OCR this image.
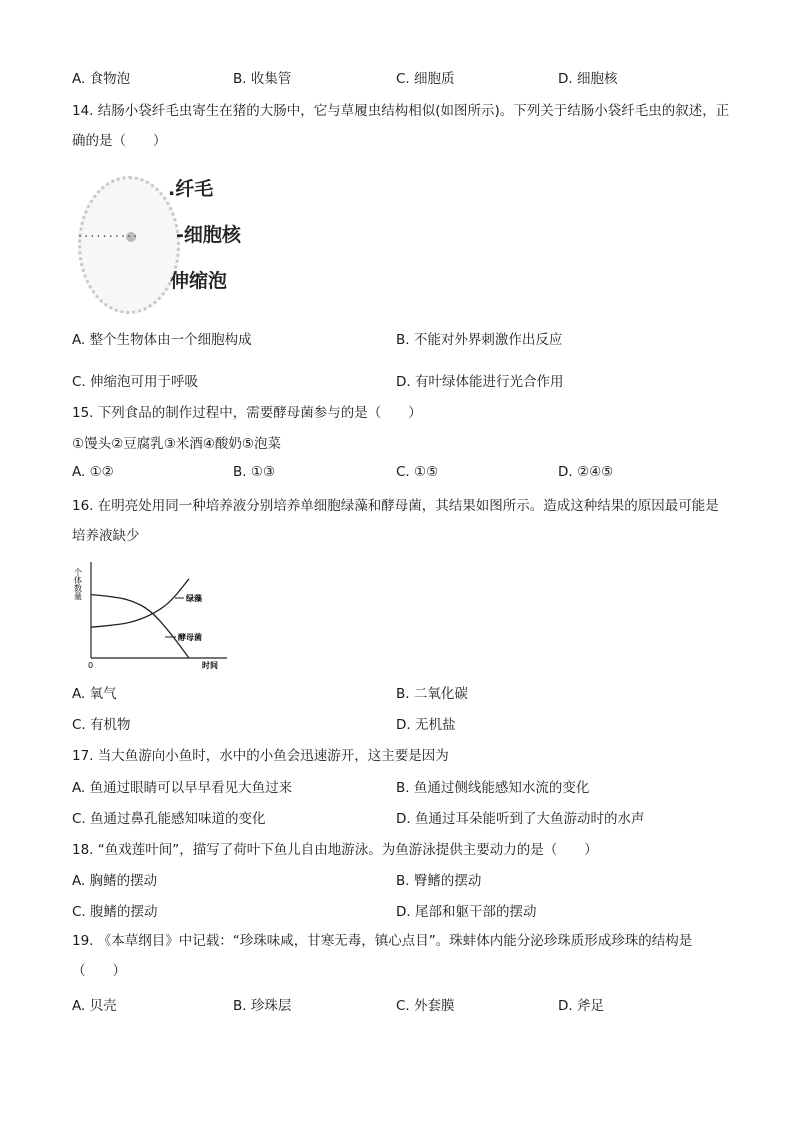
A. 食物泡	B. 收集管	C. 细胞质	D. 细胞核
14. 结肠小袋纤毛虫寄生在猪的大肠中，它与草履虫结构相似(如图所示)。下列关于结肠小袋纤毛虫的叙述，正确的是（　　）
··········
.纤毛
-细胞核
伸缩泡
A. 整个生物体由一个细胞构成	B. 不能对外界刺激作出反应
C. 伸缩泡可用于呼吸	D. 有叶绿体能进行光合作用
15. 下列食品的制作过程中，需要酵母菌参与的是（　　）
①馒头②豆腐乳③米酒④酸奶⑤泡菜
A. ①②	B. ①③	C. ①⑤	D. ②④⑤
16. 在明亮处用同一种培养液分别培养单细胞绿藻和酵母菌，其结果如图所示。造成这种结果的原因最可能是培养液缺少
个体数量
0	时间
绿藻
酵母菌
A. 氧气	B. 二氧化碳
C. 有机物	D. 无机盐
17. 当大鱼游向小鱼时，水中的小鱼会迅速游开，这主要是因为
A. 鱼通过眼睛可以早早看见大鱼过来	B. 鱼通过侧线能感知水流的变化
C. 鱼通过鼻孔能感知味道的变化	D. 鱼通过耳朵能听到了大鱼游动时的水声
18. “鱼戏莲叶间”，描写了荷叶下鱼儿自由地游泳。为鱼游泳提供主要动力的是（　　）
A. 胸鳍的摆动	B. 臀鳍的摆动
C. 腹鳍的摆动	D. 尾部和躯干部的摆动
19. 《本草纲目》中记载：“珍珠味咸，甘寒无毒，镇心点目”。珠蚌体内能分泌珍珠质形成珍珠的结构是（　　）
A. 贝壳	B. 珍珠层	C. 外套膜	D. 斧足
